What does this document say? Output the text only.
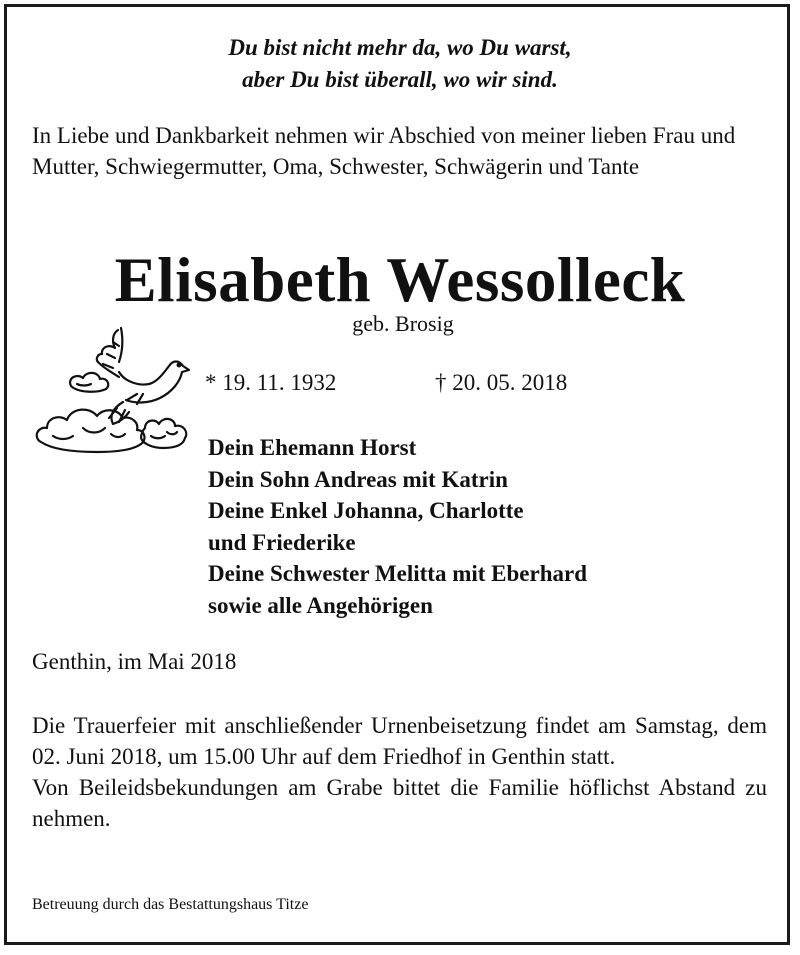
Du bist nicht mehr da, wo Du warst,
aber Du bist überall, wo wir sind.
In Liebe und Dankbarkeit nehmen wir Abschied von meiner lieben Frau und Mutter, Schwiegermutter, Oma, Schwester, Schwägerin und Tante
Elisabeth Wessolleck
geb. Brosig
* 19. 11. 1932	† 20. 05. 2018
Dein Ehemann Horst
Dein Sohn Andreas mit Katrin
Deine Enkel Johanna, Charlotte
und Friederike
Deine Schwester Melitta mit Eberhard
sowie alle Angehörigen
Genthin, im Mai 2018

Die Trauerfeier mit anschließender Urnenbeisetzung findet am Samstag, dem 02. Juni 2018, um 15.00 Uhr auf dem Friedhof in Genthin statt.

Von Beileidsbekundungen am Grabe bittet die Familie höflichst Abstand zu nehmen.

Betreuung durch das Bestattungshaus Titze
